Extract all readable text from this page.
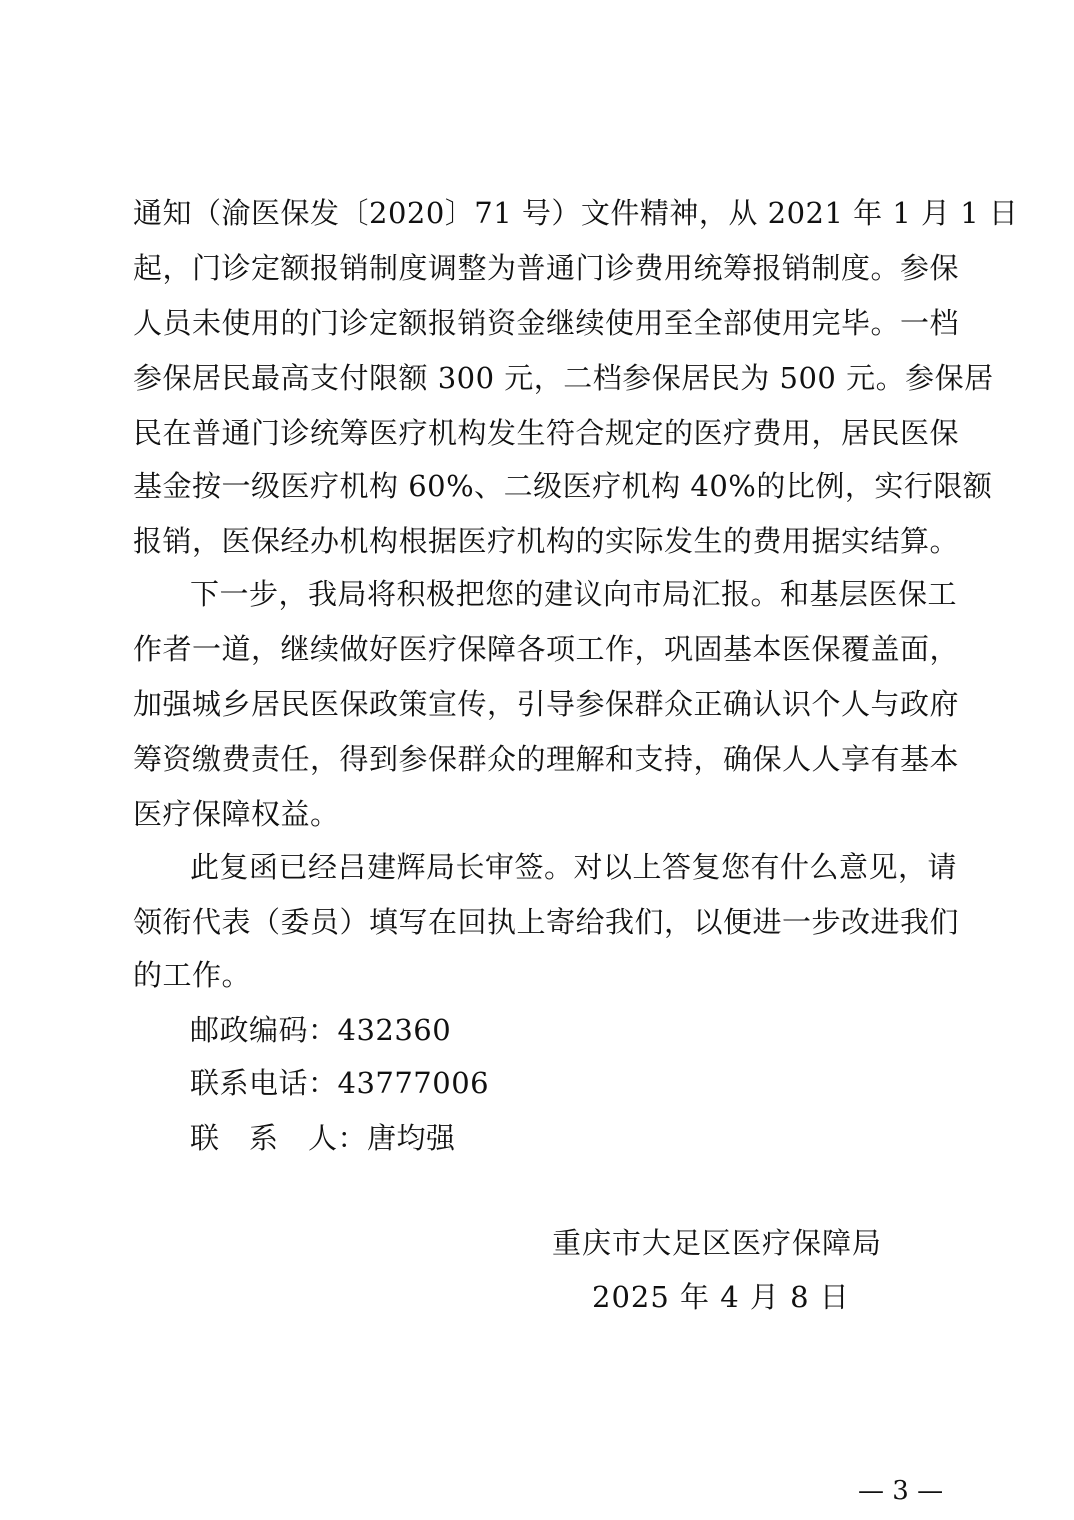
通知（渝医保发〔2020〕71 号）文件精神，从 2021 年 1 月 1 日
起，门诊定额报销制度调整为普通门诊费用统筹报销制度。参保
人员未使用的门诊定额报销资金继续使用至全部使用完毕。一档
参保居民最高支付限额 300 元，二档参保居民为 500 元。参保居
民在普通门诊统筹医疗机构发生符合规定的医疗费用，居民医保
基金按一级医疗机构 60%、二级医疗机构 40%的比例，实行限额
报销，医保经办机构根据医疗机构的实际发生的费用据实结算。
下一步，我局将积极把您的建议向市局汇报。和基层医保工
作者一道，继续做好医疗保障各项工作，巩固基本医保覆盖面，
加强城乡居民医保政策宣传，引导参保群众正确认识个人与政府
筹资缴费责任，得到参保群众的理解和支持，确保人人享有基本
医疗保障权益。
此复函已经吕建辉局长审签。对以上答复您有什么意见，请
领衔代表（委员）填写在回执上寄给我们，以便进一步改进我们
的工作。
邮政编码：432360
联系电话：43777006
联　系　人：唐均强
重庆市大足区医疗保障局
2025 年 4 月 8 日
— 3 —
